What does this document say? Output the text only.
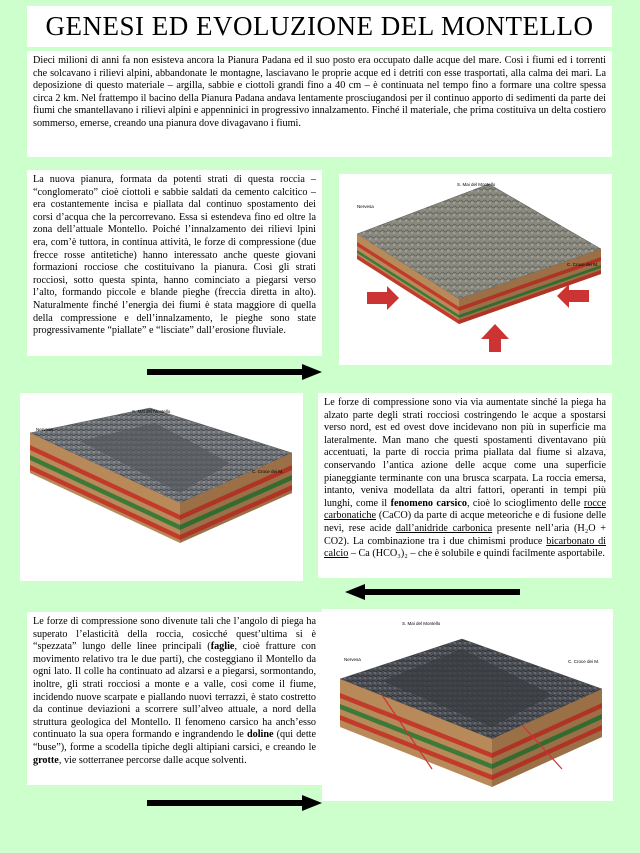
GENESI ED EVOLUZIONE DEL MONTELLO
Dieci milioni di anni fa non esisteva ancora la Pianura Padana ed il suo posto era occupato dalle acque del mare. Così i fiumi ed i torrenti che solcavano i rilievi alpini, abbandonate le montagne, lasciavano le proprie acque ed i detriti con esse trasportati, alla calma dei mari. La deposizione di questo materiale – argilla, sabbie e ciottoli grandi fino a 40 cm – è continuata nel tempo fino a formare una coltre spessa circa 2 km. Nel frattempo il bacino della Pianura Padana andava lentamente prosciugandosi per il continuo apporto di sedimenti da parte dei fiumi che smantellavano i rilievi alpini e appenninici in progressivo innalzamento. Finché il materiale, che prima costituiva un delta costiero sommerso, emerse, creando una pianura dove divagavano i fiumi.
La nuova pianura, formata da potenti strati di questa roccia – “conglomerato” cioè ciottoli e sabbie saldati da cemento calcitico – era costantemente incisa e piallata dal continuo spostamento dei corsi d’acqua che la percorrevano. Essa si estendeva fino ed oltre la zona dell’attuale Montello. Poiché l’innalzamento dei rilievi lpini era, com’è tuttora, in continua attività, le forze di compressione (due frecce rosse antitetiche) hanno interessato anche queste giovani formazioni rocciose che costituivano la pianura. Così gli strati rocciosi, sotto questa spinta, hanno cominciato a piegarsi verso l’alto, formando piccole e blande pieghe (freccia diretta in alto). Naturalmente finché l’energia dei fiumi è stata maggiore di quella della compressione e dell’innalzamento, le pieghe sono state progressivamente “piallate” e “lisciate” dall’erosione fluviale.
S. Mai del Montello
Nervesa
C. Croce dei M.
S. Mai del Montello
Nervesa
C. Croce dei M.
Le forze di compressione sono via via aumentate sinché la piega ha alzato parte degli strati rocciosi costringendo le acque a spostarsi verso nord, est ed ovest dove incidevano non più in superficie ma lateralmente. Man mano che questi spostamenti diventavano più accentuati, la parte di roccia prima piallata dal fiume si alzava, conservando l’antica azione delle acque come una superficie pianeggiante terminante con una brusca scarpata. La roccia emersa, intanto, veniva modellata da altri fattori, operanti in tempi più lunghi, come il fenomeno carsico, cioè lo scioglimento delle rocce carbonatiche (CaCO) da parte di acque meteoriche e di fusione delle nevi, rese acide dall’anidride carbonica presente nell’aria (H₂O + CO2). La combinazione tra i due chimismi produce bicarbonato di calcio – Ca (HCO₃)₂ – che è solubile e quindi facilmente asportabile.
Le forze di compressione sono divenute tali che l’angolo di piega ha superato l’elasticità della roccia, cosicché quest’ultima si è “spezzata” lungo delle linee principali (faglie, cioè fratture con movimento relativo tra le due parti), che costeggiano il Montello da ogni lato. Il colle ha continuato ad alzarsi e a piegarsi, sormontando, inoltre, gli strati rocciosi a monte e a valle, così come il fiume, incidendo nuove scarpate e piallando nuovi terrazzi, è stato costretto da continue deviazioni a scorrere sull’alveo attuale, a nord della struttura geologica del Montello. Il fenomeno carsico ha anch’esso continuato la sua opera formando e ingrandendo le doline (qui dette “buse”), forme a scodella tipiche degli altipiani carsici, e creando le grotte, vie sotterranee percorse dalle acque solventi.
S. Mai del Montello
Nervesa	C. Croce dei M.
